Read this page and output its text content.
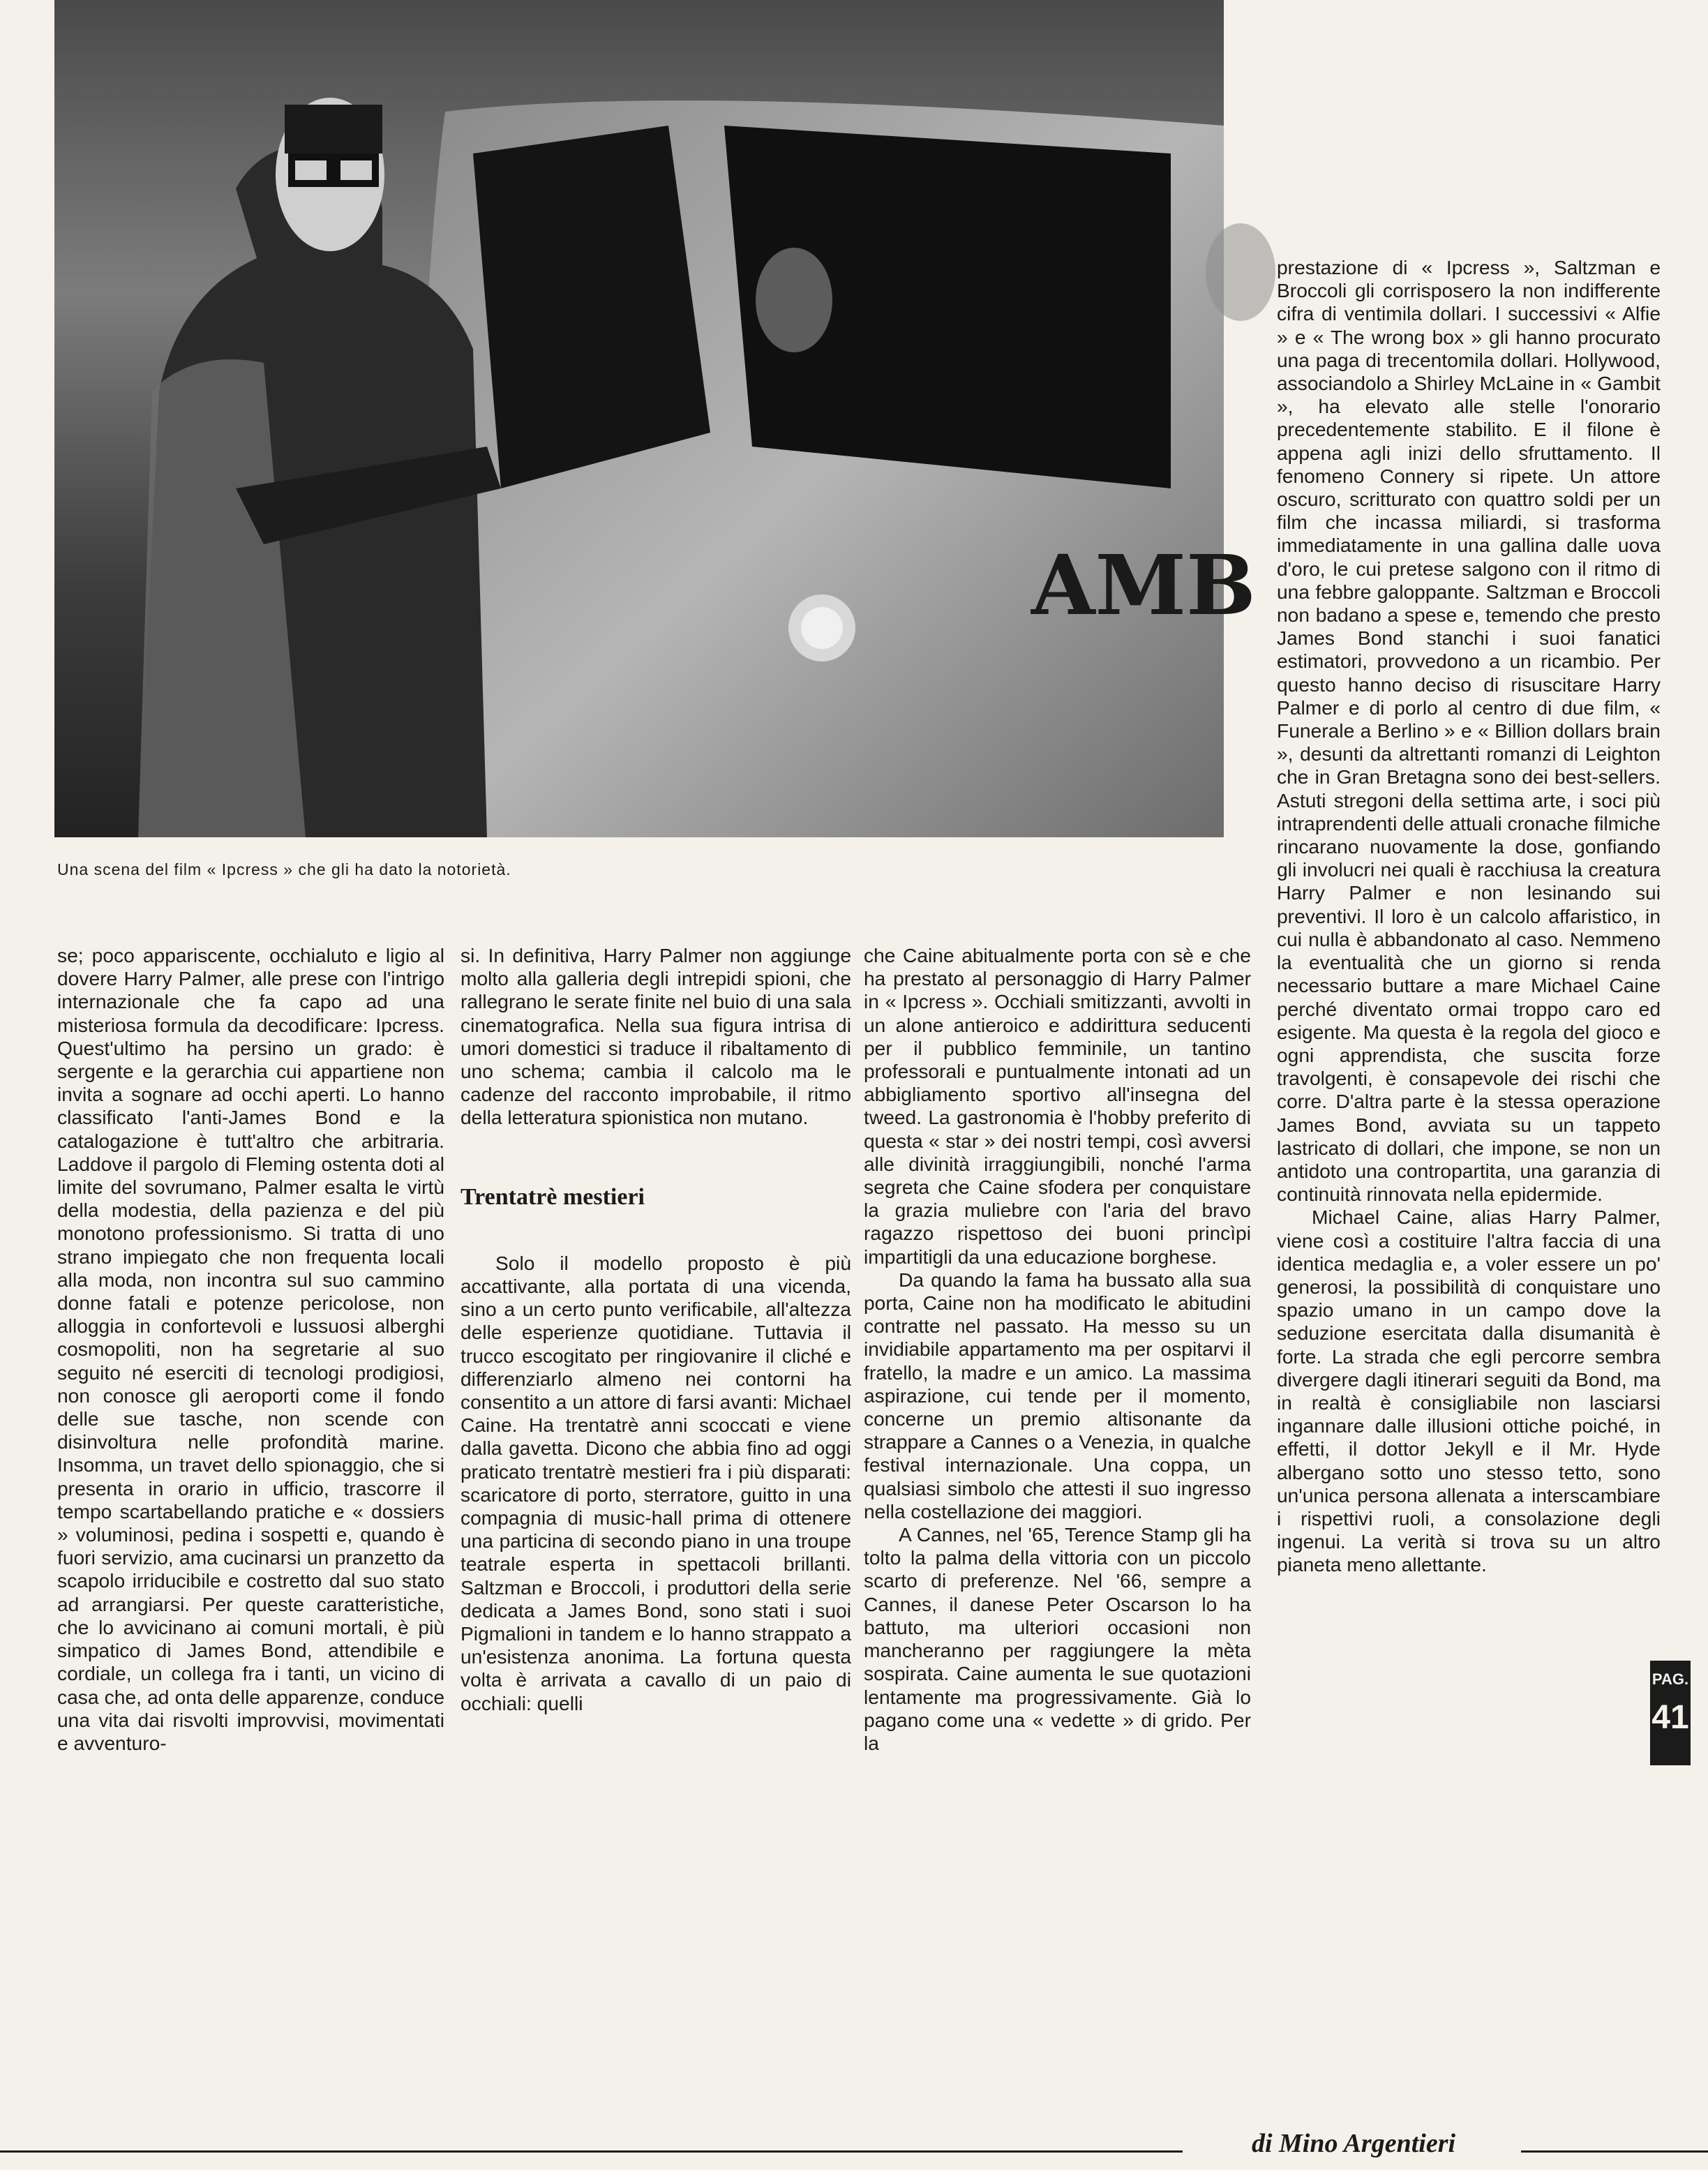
AMB
Una scena del film « Ipcress » che gli ha dato la notorietà.

se; poco appariscente, occhialuto e ligio al dovere Harry Palmer, alle prese con l'intrigo internazionale che fa capo ad una misteriosa formula da decodificare: Ipcress. Quest'ultimo ha persino un grado: è sergente e la gerarchia cui appartiene non invita a sognare ad occhi aperti. Lo hanno classificato l'anti-James Bond e la catalogazione è tutt'altro che arbitraria. Laddove il pargolo di Fleming ostenta doti al limite del sovrumano, Palmer esalta le virtù della modestia, della pazienza e del più monotono professionismo. Si tratta di uno strano impiegato che non frequenta locali alla moda, non incontra sul suo cammino donne fatali e potenze pericolose, non alloggia in confortevoli e lussuosi alberghi cosmopoliti, non ha segretarie al suo seguito né eserciti di tecnologi prodigiosi, non conosce gli aeroporti come il fondo delle sue tasche, non scende con disinvoltura nelle profondità marine. Insomma, un travet dello spionaggio, che si presenta in orario in ufficio, trascorre il tempo scartabellando pratiche e « dossiers » voluminosi, pedina i sospetti e, quando è fuori servizio, ama cucinarsi un pranzetto da scapolo irriducibile e costretto dal suo stato ad arrangiarsi. Per queste caratteristiche, che lo avvicinano ai comuni mortali, è più simpatico di James Bond, attendibile e cordiale, un collega fra i tanti, un vicino di casa che, ad onta delle apparenze, conduce una vita dai risvolti improvvisi, movimentati e avventuro-

si. In definitiva, Harry Palmer non aggiunge molto alla galleria degli intrepidi spioni, che rallegrano le serate finite nel buio di una sala cinematografica. Nella sua figura intrisa di umori domestici si traduce il ribaltamento di uno schema; cambia il calcolo ma le cadenze del racconto improbabile, il ritmo della letteratura spionistica non mutano.

Trentatrè mestieri

Solo il modello proposto è più accattivante, alla portata di una vicenda, sino a un certo punto verificabile, all'altezza delle esperienze quotidiane. Tuttavia il trucco escogitato per ringiovanire il cliché e differenziarlo almeno nei contorni ha consentito a un attore di farsi avanti: Michael Caine. Ha trentatrè anni scoccati e viene dalla gavetta. Dicono che abbia fino ad oggi praticato trentatrè mestieri fra i più disparati: scaricatore di porto, sterratore, guitto in una compagnia di music-hall prima di ottenere una particina di secondo piano in una troupe teatrale esperta in spettacoli brillanti. Saltzman e Broccoli, i produttori della serie dedicata a James Bond, sono stati i suoi Pigmalioni in tandem e lo hanno strappato a un'esistenza anonima. La fortuna questa volta è arrivata a cavallo di un paio di occhiali: quelli

che Caine abitualmente porta con sè e che ha prestato al personaggio di Harry Palmer in « Ipcress ». Occhiali smitizzanti, avvolti in un alone antieroico e addirittura seducenti per il pubblico femminile, un tantino professorali e puntualmente intonati ad un abbigliamento sportivo all'insegna del tweed. La gastronomia è l'hobby preferito di questa « star » dei nostri tempi, così avversi alle divinità irraggiungibili, nonché l'arma segreta che Caine sfodera per conquistare la grazia muliebre con l'aria del bravo ragazzo rispettoso dei buoni princìpi impartitigli da una educazione borghese.

Da quando la fama ha bussato alla sua porta, Caine non ha modificato le abitudini contratte nel passato. Ha messo su un invidiabile appartamento ma per ospitarvi il fratello, la madre e un amico. La massima aspirazione, cui tende per il momento, concerne un premio altisonante da strappare a Cannes o a Venezia, in qualche festival internazionale. Una coppa, un qualsiasi simbolo che attesti il suo ingresso nella costellazione dei maggiori.

A Cannes, nel '65, Terence Stamp gli ha tolto la palma della vittoria con un piccolo scarto di preferenze. Nel '66, sempre a Cannes, il danese Peter Oscarson lo ha battuto, ma ulteriori occasioni non mancheranno per raggiungere la mèta sospirata. Caine aumenta le sue quotazioni lentamente ma progressivamente. Già lo pagano come una « vedette » di grido. Per la

prestazione di « Ipcress », Saltzman e Broccoli gli corrisposero la non indifferente cifra di ventimila dollari. I successivi « Alfie » e « The wrong box » gli hanno procurato una paga di trecentomila dollari. Hollywood, associandolo a Shirley McLaine in « Gambit », ha elevato alle stelle l'onorario precedentemente stabilito. E il filone è appena agli inizi dello sfruttamento. Il fenomeno Connery si ripete. Un attore oscuro, scritturato con quattro soldi per un film che incassa miliardi, si trasforma immediatamente in una gallina dalle uova d'oro, le cui pretese salgono con il ritmo di una febbre galoppante. Saltzman e Broccoli non badano a spese e, temendo che presto James Bond stanchi i suoi fanatici estimatori, provvedono a un ricambio. Per questo hanno deciso di risuscitare Harry Palmer e di porlo al centro di due film, « Funerale a Berlino » e « Billion dollars brain », desunti da altrettanti romanzi di Leighton che in Gran Bretagna sono dei best-sellers. Astuti stregoni della settima arte, i soci più intraprendenti delle attuali cronache filmiche rincarano nuovamente la dose, gonfiando gli involucri nei quali è racchiusa la creatura Harry Palmer e non lesinando sui preventivi. Il loro è un calcolo affaristico, in cui nulla è abbandonato al caso. Nemmeno la eventualità che un giorno si renda necessario buttare a mare Michael Caine perché diventato ormai troppo caro ed esigente. Ma questa è la regola del gioco e ogni apprendista, che suscita forze travolgenti, è consapevole dei rischi che corre. D'altra parte è la stessa operazione James Bond, avviata su un tappeto lastricato di dollari, che impone, se non un antidoto una contropartita, una garanzia di continuità rinnovata nella epidermide.

Michael Caine, alias Harry Palmer, viene così a costituire l'altra faccia di una identica medaglia e, a voler essere un po' generosi, la possibilità di conquistare uno spazio umano in un campo dove la seduzione esercitata dalla disumanità è forte. La strada che egli percorre sembra divergere dagli itinerari seguiti da Bond, ma in realtà è consigliabile non lasciarsi ingannare dalle illusioni ottiche poiché, in effetti, il dottor Jekyll e il Mr. Hyde albergano sotto uno stesso tetto, sono un'unica persona allenata a interscambiare i rispettivi ruoli, a consolazione degli ingenui. La verità si trova su un altro pianeta meno allettante.

PAG.
41
di Mino Argentieri
